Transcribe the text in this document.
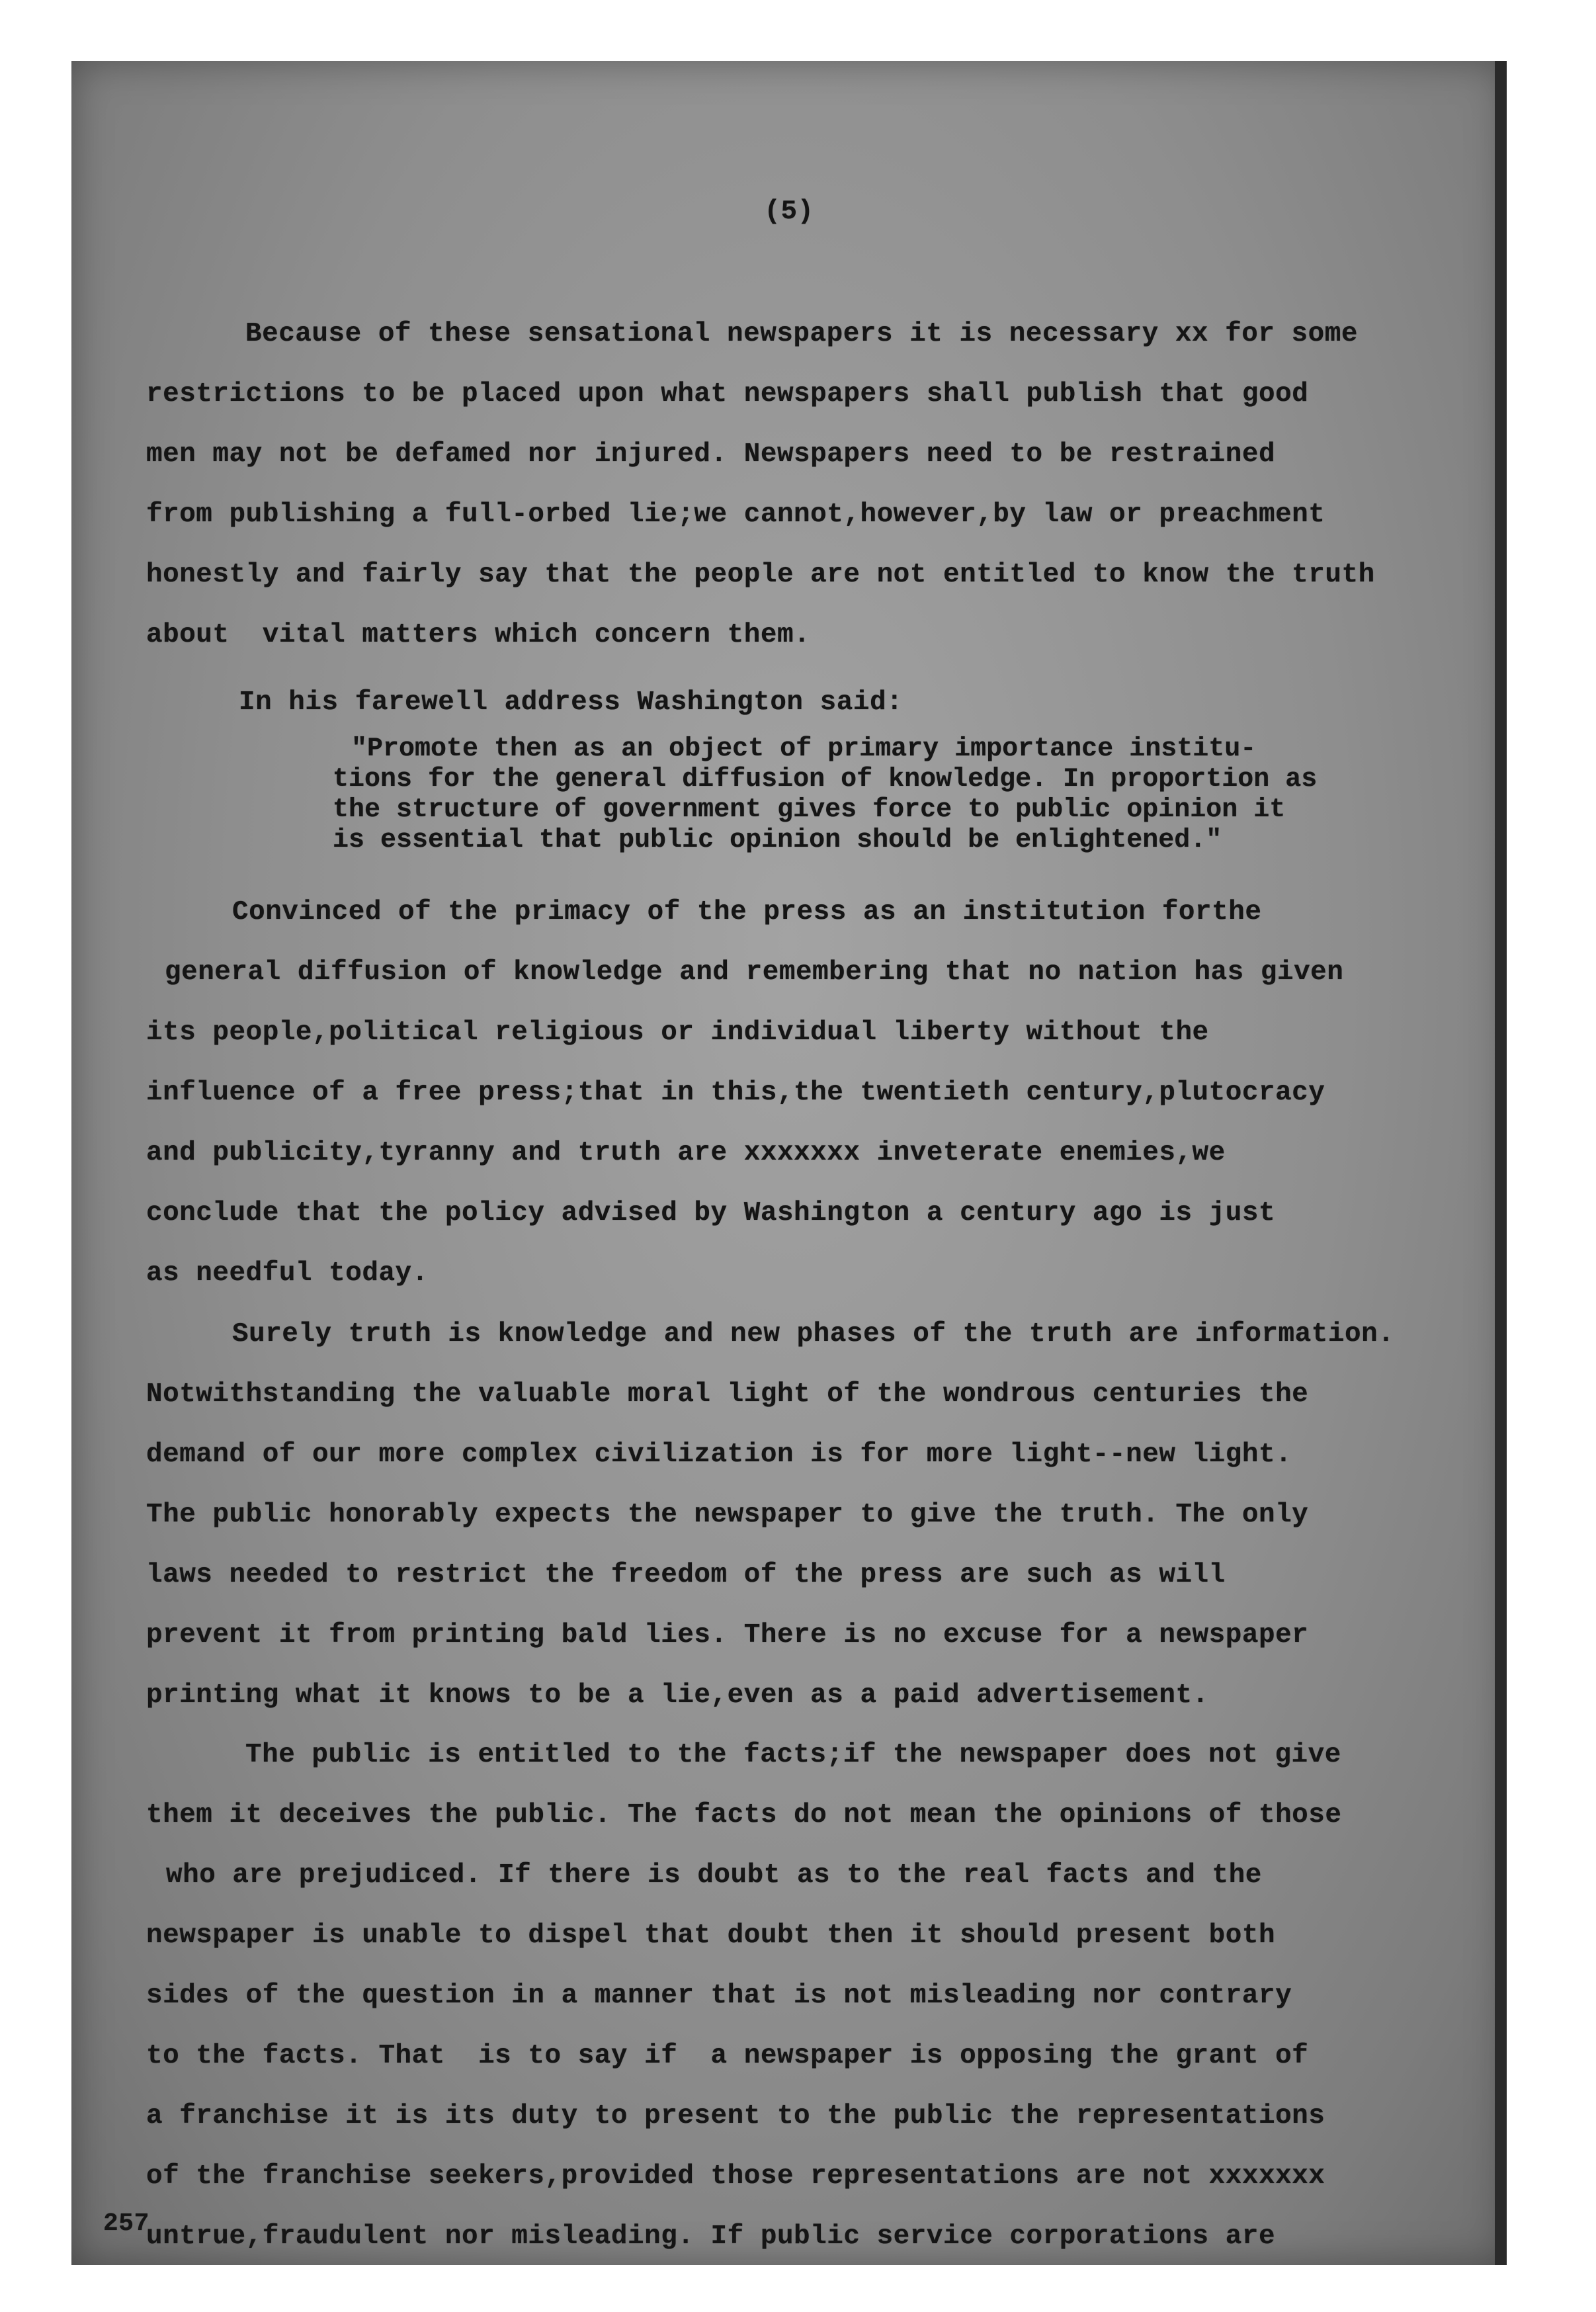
(5)
Because of these sensational newspapers it is necessary xx for some
restrictions to be placed upon what newspapers shall publish that good
men may not be defamed nor injured. Newspapers need to be restrained
from publishing a full-orbed lie;we cannot,however,by law or preachment
honestly and fairly say that the people are not entitled to know the truth
about  vital matters which concern them.
In his farewell address Washington said:
"Promote then as an object of primary importance institu-
tions for the general diffusion of knowledge. In proportion as
the structure of government gives force to public opinion it
is essential that public opinion should be enlightened."
Convinced of the primacy of the press as an institution forthe
general diffusion of knowledge and remembering that no nation has given
its people,political religious or individual liberty without the
influence of a free press;that in this,the twentieth century,plutocracy
and publicity,tyranny and truth are xxxxxxx inveterate enemies,we
conclude that the policy advised by Washington a century ago is just
as needful today.
Surely truth is knowledge and new phases of the truth are information.
Notwithstanding the valuable moral light of the wondrous centuries the
demand of our more complex civilization is for more light--new light.
The public honorably expects the newspaper to give the truth. The only
laws needed to restrict the freedom of the press are such as will
prevent it from printing bald lies. There is no excuse for a newspaper
printing what it knows to be a lie,even as a paid advertisement.
The public is entitled to the facts;if the newspaper does not give
them it deceives the public. The facts do not mean the opinions of those
who are prejudiced. If there is doubt as to the real facts and the
newspaper is unable to dispel that doubt then it should present both
sides of the question in a manner that is not misleading nor contrary
to the facts. That  is to say if  a newspaper is opposing the grant of
a franchise it is its duty to present to the public the representations
of the franchise seekers,provided those representations are not xxxxxxx
untrue,fraudulent nor misleading. If public service corporations are
257
